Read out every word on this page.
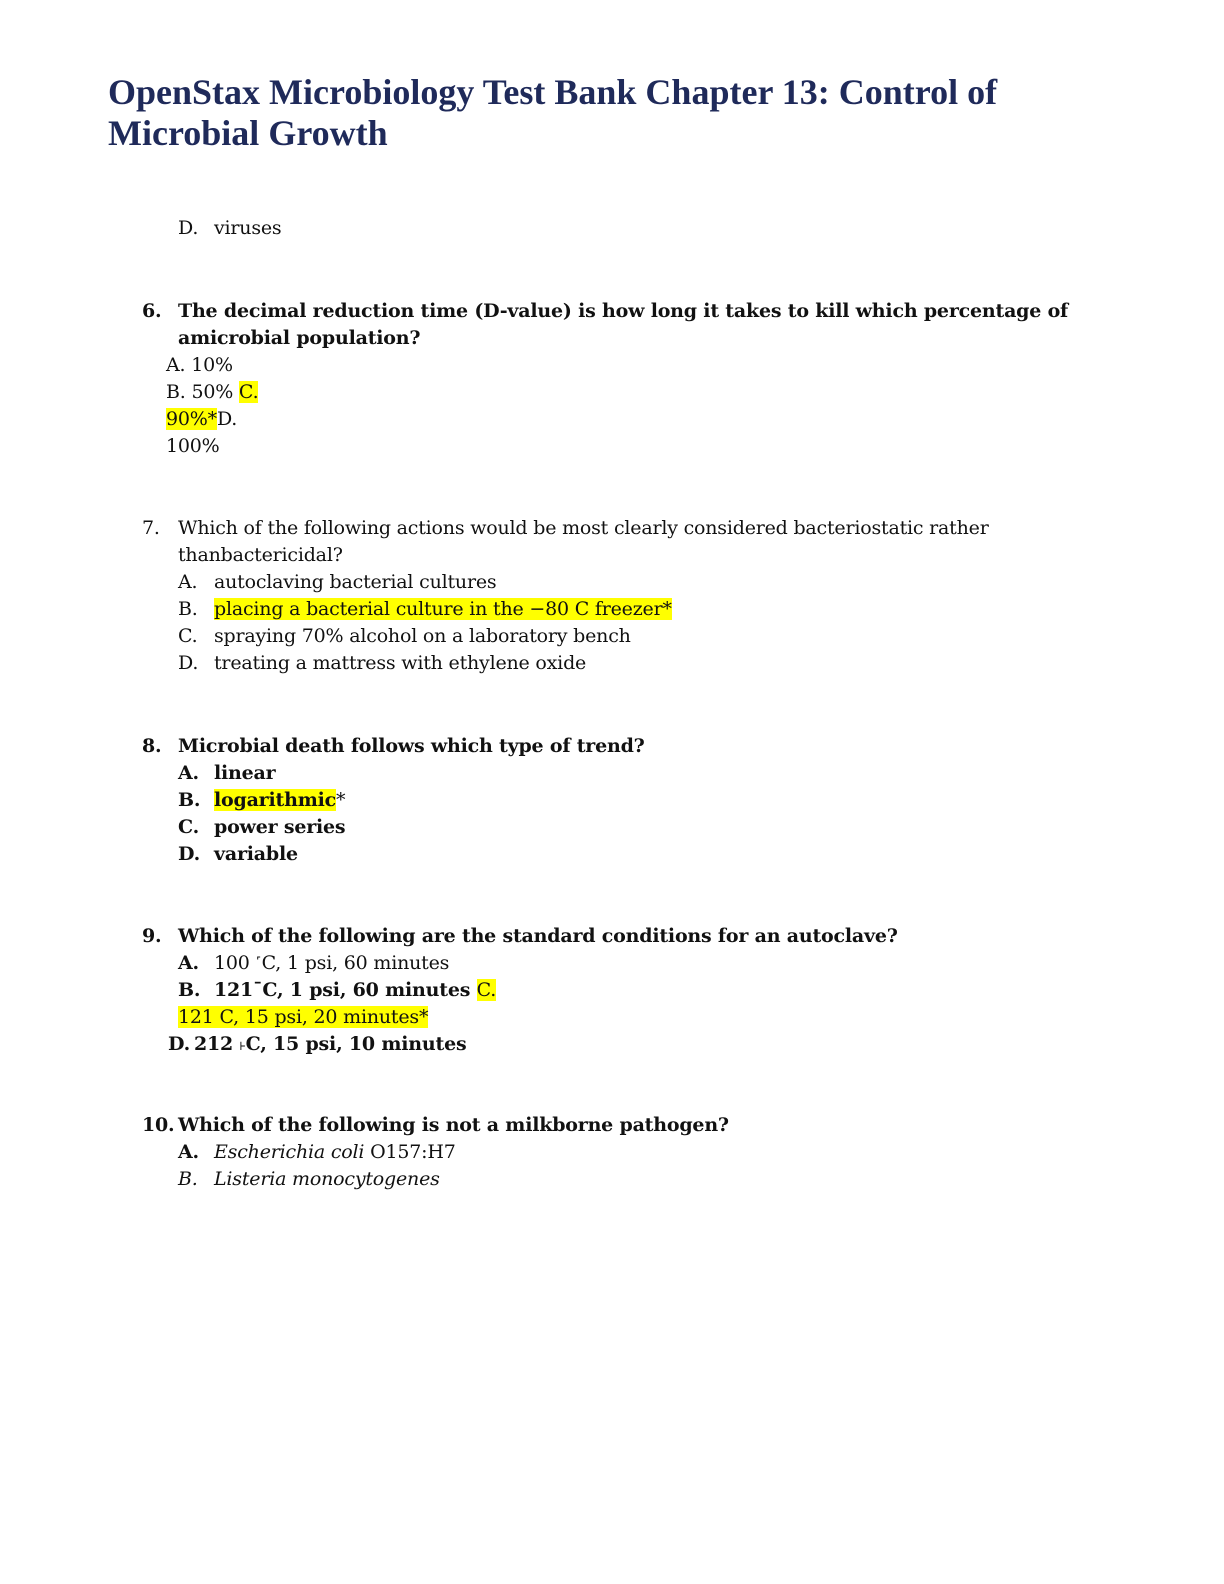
OpenStax Microbiology Test Bank Chapter 13: Control of
Microbial Growth
D. viruses
6. The decimal reduction time (D-value) is how long it takes to kill which percentage of
amicrobial population?
A. 10%
B. 50% C.
90%*D.
100%
7. Which of the following actions would be most clearly considered bacteriostatic rather
thanbactericidal?
A. autoclaving bacterial cultures
B. placing a bacterial culture in the −80 C freezer*
C. spraying 70% alcohol on a laboratory bench
D. treating a mattress with ethylene oxide
8. Microbial death follows which type of trend?
A. linear
B. logarithmic*
C. power series
D. variable
9. Which of the following are the standard conditions for an autoclave?
A. 100 ˹C, 1 psi, 60 minutes
B. 121ˉC, 1 psi, 60 minutes C.
121 C, 15 psi, 20 minutes*
D. 212 ˫C, 15 psi, 10 minutes
10. Which of the following is not a milkborne pathogen?
A. Escherichia coli O157:H7
B. Listeria monocytogenes
